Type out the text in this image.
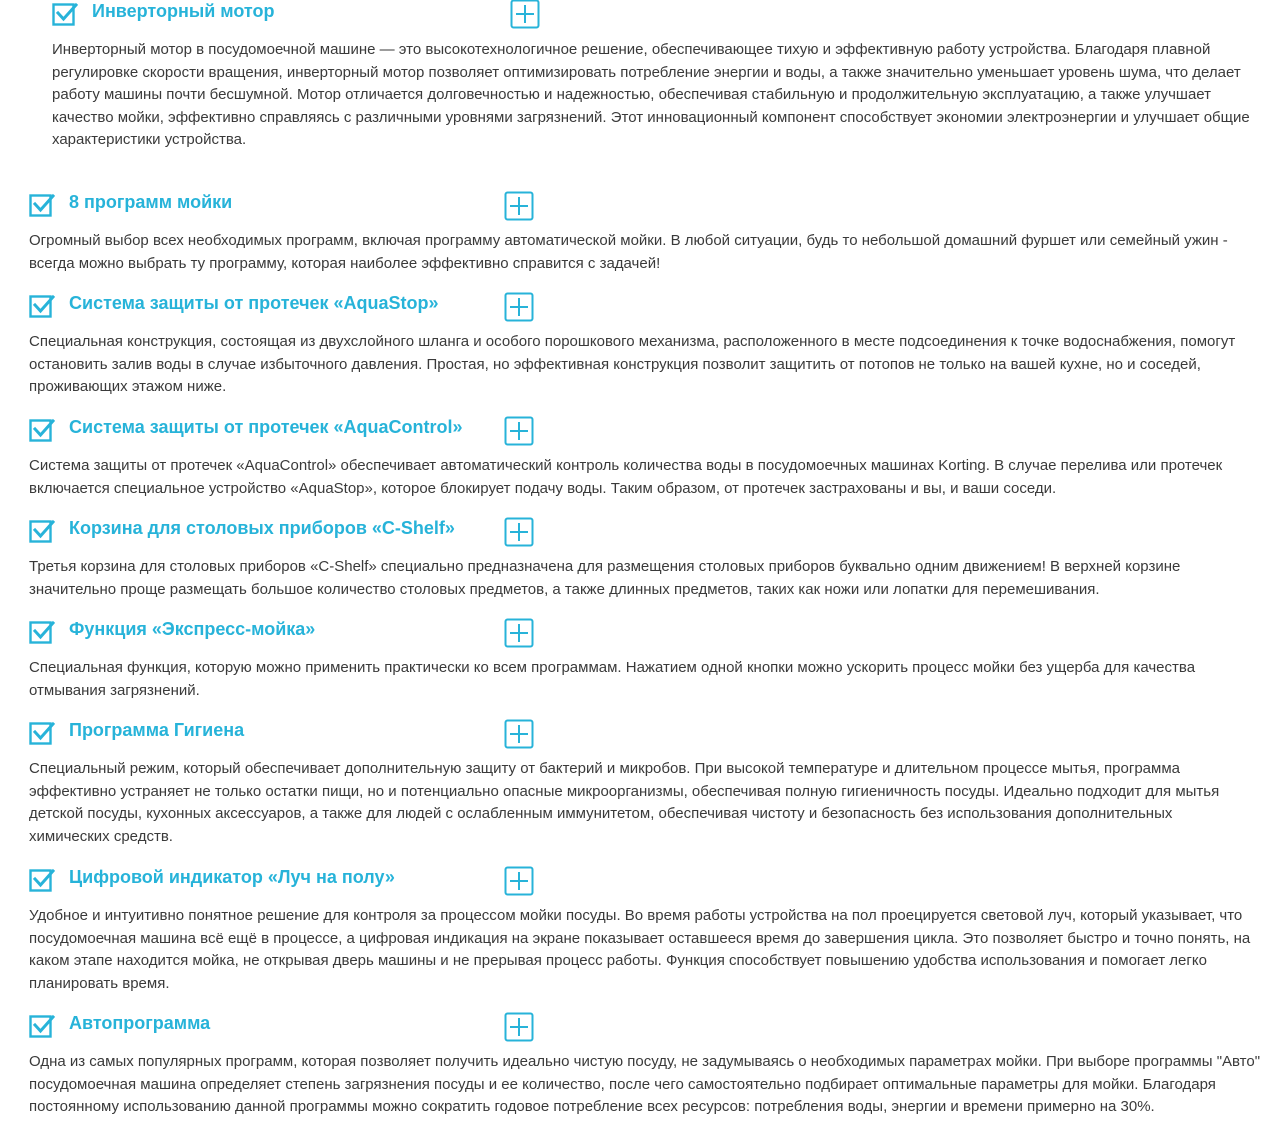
Инверторный мотор

Инверторный мотор в посудомоечной машине — это высокотехнологичное решение, обеспечивающее тихую и эффективную работу устройства. Благодаря плавной регулировке скорости вращения, инверторный мотор позволяет оптимизировать потребление энергии и воды, а также значительно уменьшает уровень шума, что делает работу машины почти бесшумной. Мотор отличается долговечностью и надежностью, обеспечивая стабильную и продолжительную эксплуатацию, а также улучшает качество мойки, эффективно справляясь с различными уровнями загрязнений. Этот инновационный компонент способствует экономии электроэнергии и улучшает общие характеристики устройства.

8 программ мойки

Огромный выбор всех необходимых программ, включая программу автоматической мойки. В любой ситуации, будь то небольшой домашний фуршет или семейный ужин - всегда можно выбрать ту программу, которая наиболее эффективно справится с задачей!

Система защиты от протечек «AquaStop»

Специальная конструкция, состоящая из двухслойного шланга и особого порошкового механизма, расположенного в месте подсоединения к точке водоснабжения, помогут остановить залив воды в случае избыточного давления. Простая, но эффективная конструкция позволит защитить от потопов не только на вашей кухне, но и соседей, проживающих этажом ниже.

Система защиты от протечек «AquaControl»

Система защиты от протечек «AquaControl» обеспечивает автоматический контроль количества воды в посудомоечных машинах Korting. В случае перелива или протечек включается специальное устройство «AquaStop», которое блокирует подачу воды. Таким образом, от протечек застрахованы и вы, и ваши соседи.

Корзина для столовых приборов «C-Shelf»

Третья корзина для столовых приборов «C-Shelf» специально предназначена для размещения столовых приборов буквально одним движением! В верхней корзине значительно проще размещать большое количество столовых предметов, а также длинных предметов, таких как ножи или лопатки для перемешивания.

Функция «Экспресс-мойка»

Специальная функция, которую можно применить практически ко всем программам. Нажатием одной кнопки можно ускорить процесс мойки без ущерба для качества отмывания загрязнений.

Программа Гигиена

Специальный режим, который обеспечивает дополнительную защиту от бактерий и микробов. При высокой температуре и длительном процессе мытья, программа эффективно устраняет не только остатки пищи, но и потенциально опасные микроорганизмы, обеспечивая полную гигиеничность посуды. Идеально подходит для мытья детской посуды, кухонных аксессуаров, а также для людей с ослабленным иммунитетом, обеспечивая чистоту и безопасность без использования дополнительных химических средств.

Цифровой индикатор «Луч на полу»

Удобное и интуитивно понятное решение для контроля за процессом мойки посуды. Во время работы устройства на пол проецируется световой луч, который указывает, что посудомоечная машина всё ещё в процессе, а цифровая индикация на экране показывает оставшееся время до завершения цикла. Это позволяет быстро и точно понять, на каком этапе находится мойка, не открывая дверь машины и не прерывая процесс работы. Функция способствует повышению удобства использования и помогает легко планировать время.

Автопрограмма

Одна из самых популярных программ, которая позволяет получить идеально чистую посуду, не задумываясь о необходимых параметрах мойки. При выборе программы "Авто" посудомоечная машина определяет степень загрязнения посуды и ее количество, после чего самостоятельно подбирает оптимальные параметры для мойки. Благодаря постоянному использованию данной программы можно сократить годовое потребление всех ресурсов: потребления воды, энергии и времени примерно на 30%.
